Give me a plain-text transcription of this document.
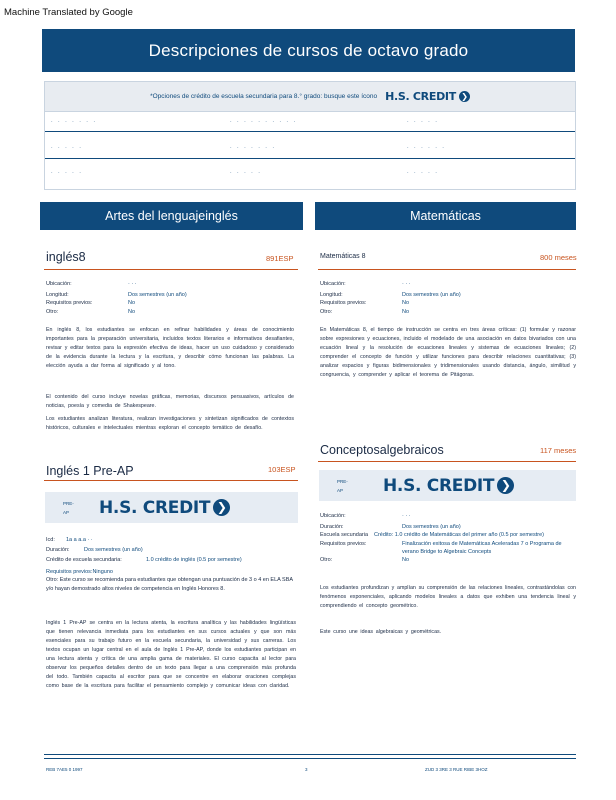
Machine Translated by Google
Descripciones de cursos de octavo grado
*Opciones de crédito de escuela secundaria para 8.° grado: busque este ícono H.S. CREDIT ❯
· · · · · · ·	· · · · · · · · · ·	· · · · ·
· · · · ·	· · · · · · ·	· · · · · ·
· · · · ·	· · · · ·	· · · · ·
Artes del lenguajeinglés	Matemáticas
inglés8	891ESP
Ubicación:	· · ·
Longitud:	Dos semestres (un año)
Requisitos previos:	No
Otro:	No
En inglés 8, los estudiantes se enfocan en refinar habilidades y áreas de conocimiento importantes para la preparación universitaria, incluidos textos literarios e informativos desafiantes, revisar y editar textos para la expresión efectiva de ideas, hacer un uso cuidadoso y considerado de la evidencia durante la lectura y la escritura, y describir cómo funcionan las palabras. La elección ayuda a dar forma al significado y al tono.
El contenido del curso incluye novelas gráficas, memorias, discursos persuasivos, artículos de noticias, poesía y comedia de Shakespeare.
Los estudiantes analizan literatura, realizan investigaciones y sintetizan significados de contextos históricos, culturales e intelectuales mientras exploran el concepto temático de desafío.
Inglés 1 Pre-AP	103ESP
PRE-
AP	H.S. CREDIT ❯
Icd: 1a a a.a · ·
Duración:	Dos semestres (un año)
Crédito de escuela secundaria:	1.0 crédito de inglés (0.5 por semestre)
Requisitos previos:Ninguno
Otro: Este curso se recomienda para estudiantes que obtengan una puntuación de 3 o 4 en ELA SBA y/o hayan demostrado altos niveles de competencia en Inglés Honores 8.
Inglés 1 Pre-AP se centra en la lectura atenta, la escritura analítica y las habilidades lingüísticas que tienen relevancia inmediata para los estudiantes en sus cursos actuales y que son más esenciales para su trabajo futuro en la escuela secundaria, la universidad y sus carreras. Los textos ocupan un lugar central en el aula de Inglés 1 Pre-AP, donde los estudiantes participan en una lectura atenta y crítica de una amplia gama de materiales. El curso capacita al lector para observar los pequeños detalles dentro de un texto para llegar a una comprensión más profunda del todo. También capacita al escritor para que se concentre en elaborar oraciones complejas como base de la escritura para facilitar el pensamiento complejo y comunicar ideas con claridad.
Matemáticas 8	800 meses
Ubicación:	· · ·
Longitud:	Dos semestres (un año)
Requisitos previos:	No
Otro:	No
En Matemáticas 8, el tiempo de instrucción se centra en tres áreas críticas: (1) formular y razonar sobre expresiones y ecuaciones, incluido el modelado de una asociación en datos bivariados con una ecuación lineal y la resolución de ecuaciones lineales y sistemas de ecuaciones lineales; (2) comprender el concepto de función y utilizar funciones para describir relaciones cuantitativas; (3) analizar espacios y figuras bidimensionales y tridimensionales usando distancia, ángulo, similitud y congruencia, y comprender y aplicar el teorema de Pitágoras.
Conceptosalgebraicos	117 meses
PRE-
AP	H.S. CREDIT ❯
Ubicación:	· · ·
Duración:	Dos semestres (un año)
Escuela secundaria	Crédito: 1.0 crédito de Matemáticas del primer año (0.5 por semestre)
Requisitos previos:	Finalización exitosa de Matemáticas Aceleradas 7 o Programa de verano Bridge to Algebraic Concepts
Otro:	No
Los estudiantes profundizan y amplían su comprensión de las relaciones lineales, contrastándolas con fenómenos exponenciales, aplicando modelos lineales a datos que exhiben una tendencia lineal y comprendiendo el concepto geométrico.
Este curso une ideas algebraicas y geométricas.
REB 7AE5 0 1997	3	ZUD 3 3RE 3 RUE RIBE 3HOZ
